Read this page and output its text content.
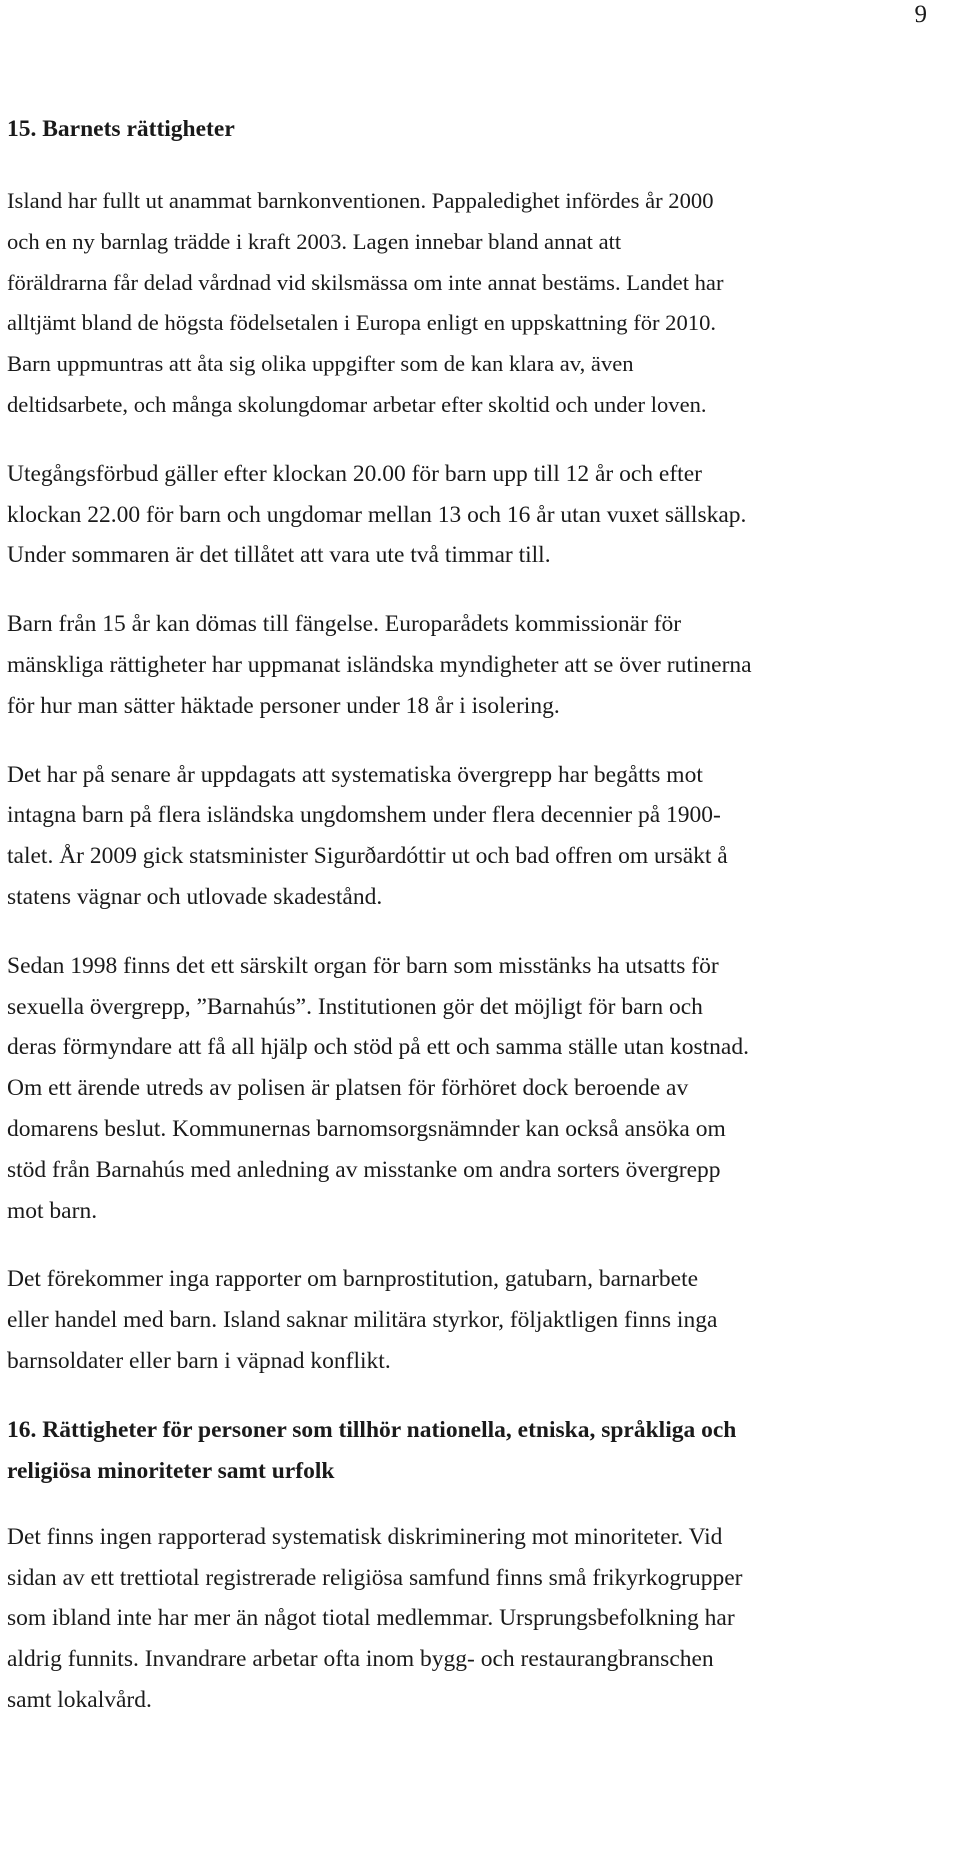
9
15. Barnets rättigheter

Island har fullt ut anammat barnkonventionen. Pappaledighet infördes år 2000
och en ny barnlag trädde i kraft 2003. Lagen innebar bland annat att
föräldrarna får delad vårdnad vid skilsmässa om inte annat bestäms. Landet har
alltjämt bland de högsta födelsetalen i Europa enligt en uppskattning för 2010.
Barn uppmuntras att åta sig olika uppgifter som de kan klara av, även
deltidsarbete, och många skolungdomar arbetar efter skoltid och under loven.

Utegångsförbud gäller efter klockan 20.00 för barn upp till 12 år och efter
klockan 22.00 för barn och ungdomar mellan 13 och 16 år utan vuxet sällskap.
Under sommaren är det tillåtet att vara ute två timmar till.

Barn från 15 år kan dömas till fängelse. Europarådets kommissionär för
mänskliga rättigheter har uppmanat isländska myndigheter att se över rutinerna
för hur man sätter häktade personer under 18 år i isolering.

Det har på senare år uppdagats att systematiska övergrepp har begåtts mot
intagna barn på flera isländska ungdomshem under flera decennier på 1900-
talet. År 2009 gick statsminister Sigurðardóttir ut och bad offren om ursäkt å
statens vägnar och utlovade skadestånd.

Sedan 1998 finns det ett särskilt organ för barn som misstänks ha utsatts för
sexuella övergrepp, ”Barnahús”. Institutionen gör det möjligt för barn och
deras förmyndare att få all hjälp och stöd på ett och samma ställe utan kostnad.
Om ett ärende utreds av polisen är platsen för förhöret dock beroende av
domarens beslut. Kommunernas barnomsorgsnämnder kan också ansöka om
stöd från Barnahús med anledning av misstanke om andra sorters övergrepp
mot barn.

Det förekommer inga rapporter om barnprostitution, gatubarn, barnarbete
eller handel med barn. Island saknar militära styrkor, följaktligen finns inga
barnsoldater eller barn i väpnad konflikt.

16. Rättigheter för personer som tillhör nationella, etniska, språkliga och
religiösa minoriteter samt urfolk

Det finns ingen rapporterad systematisk diskriminering mot minoriteter. Vid
sidan av ett trettiotal registrerade religiösa samfund finns små frikyrkogrupper
som ibland inte har mer än något tiotal medlemmar. Ursprungsbefolkning har
aldrig funnits. Invandrare arbetar ofta inom bygg- och restaurangbranschen
samt lokalvård.
